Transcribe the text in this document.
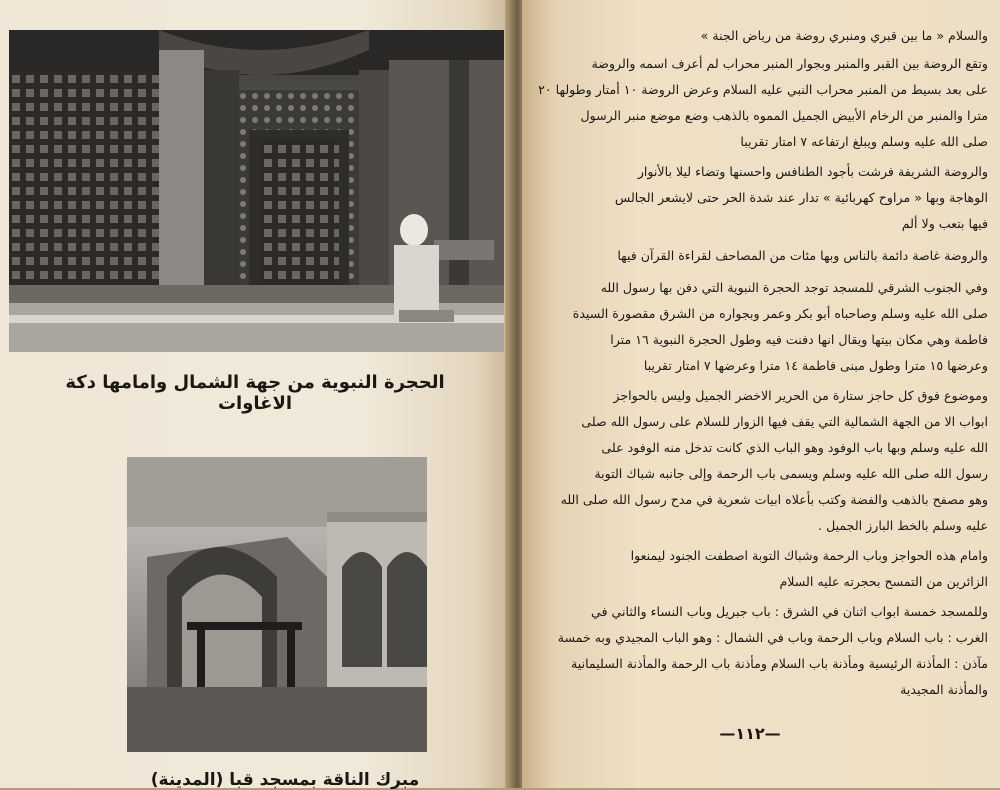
الحجرة النبوية من جهة الشمال وامامها دكة الاغاوات
مبرك الناقة بمسجد قبا (المدينة)
والسلام « ما بين قبري ومنبري روضة من رياض الجنة »
وتقع الروضة بين القبر والمنبر وبجوار المنبر محراب لم أعرف اسمه والروضة
على بعد بسيط من المنبر محراب النبي عليه السلام وعرض الروضة ١٠ أمتار وطولها ٢٠
مترا والمنبر من الرخام الأبيض الجميل المموه بالذهب وضع موضع منبر الرسول
صلى الله عليه وسلم ويبلغ ارتفاعه ٧ امتار تقريبا
والروضة الشريفة فرشت بأجود الطنافس واحسنها وتضاء ليلا بالأنوار
الوهاجة وبها « مراوح كهربائية » تدار عند شدة الحر حتى لايشعر الجالس
فيها بتعب ولا ألم
والروضة غاصة دائمة بالناس وبها مئات من المصاحف لقراءة القرآن فيها
وفي الجنوب الشرقي للمسجد توجد الحجرة النبوية التي دفن بها رسول الله
صلى الله عليه وسلم وصاحباه أبو بكر وعمر وبجواره من الشرق مقصورة السيدة
فاطمة وهي مكان بيتها ويقال انها دفنت فيه وطول الحجرة النبوية ١٦ مترا
وعرضها ١٥ مترا وطول مبنى فاطمة ١٤ مترا وعرضها ٧ امتار تقريبا
وموضوع فوق كل حاجز ستارة من الحرير الاخضر الجميل وليس بالحواجز
ابواب الا من الجهة الشمالية التي يقف فيها الزوار للسلام على رسول الله صلى
الله عليه وسلم وبها باب الوفود وهو الباب الذي كانت تدخل منه الوفود على
رسول الله صلى الله عليه وسلم ويسمى باب الرحمة وإلى جانبه شباك التوبة
وهو مصفح بالذهب والفضة وكتب بأعلاه ابيات شعرية في مدح رسول الله صلى الله
عليه وسلم بالخط البارز الجميل .
وامام هذه الحواجز وباب الرحمة وشباك التوبة اصطفت الجنود ليمنعوا
الزائرين من التمسح بحجرته عليه السلام
وللمسجد خمسة ابواب اثنان في الشرق : باب جبريل وباب النساء والثاني في
الغرب : باب السلام وباب الرحمة وباب في الشمال : وهو الباب المجيدي وبه خمسة
مآذن : المأذنة الرئيسية ومأذنة باب السلام ومأذنة باب الرحمة والمأذنة السليمانية
والمأذنة المجيدية
—١١٢—
